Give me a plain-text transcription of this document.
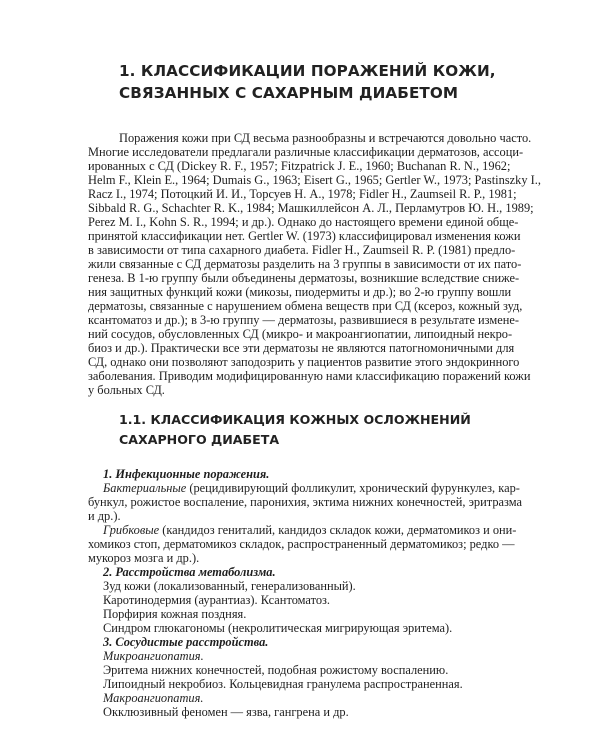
1. КЛАССИФИКАЦИИ ПОРАЖЕНИЙ КОЖИ,
СВЯЗАННЫХ С САХАРНЫМ ДИАБЕТОМ

Поражения кожи при СД весьма разнообразны и встречаются довольно часто.

Многие исследователи предлагали различные классификации дерматозов, ассоци-

ированных с СД (Dickey R. F., 1957; Fitzpatrick J. E., 1960; Buchanan R. N., 1962;

Helm F., Klein E., 1964; Dumais G., 1963; Eisert G., 1965; Gertler W., 1973; Pastinszky I.,

Racz I., 1974; Потоцкий И. И., Торсуев Н. А., 1978; Fidler H., Zaumseil R. P., 1981;

Sibbald R. G., Schachter R. K., 1984; Машкиллейсон А. Л., Перламутров Ю. Н., 1989;

Perez M. I., Kohn S. R., 1994; и др.). Однако до настоящего времени единой обще-

принятой классификации нет. Gertler W. (1973) классифицировал изменения кожи

в зависимости от типа сахарного диабета. Fidler H., Zaumseil R. P. (1981) предло-

жили связанные с СД дерматозы разделить на 3 группы в зависимости от их пато-

генеза. В 1-ю группу были объединены дерматозы, возникшие вследствие сниже-

ния защитных функций кожи (микозы, пиодермиты и др.); во 2-ю группу вошли

дерматозы, связанные с нарушением обмена веществ при СД (ксероз, кожный зуд,

ксантоматоз и др.); в 3-ю группу — дерматозы, развившиеся в результате измене-

ний сосудов, обусловленных СД (микро- и макроангиопатии, липоидный некро-

биоз и др.). Практически все эти дерматозы не являются патогномоничными для

СД, однако они позволяют заподозрить у пациентов развитие этого эндокринного

заболевания. Приводим модифицированную нами классификацию поражений кожи

у больных СД.

1.1. КЛАССИФИКАЦИЯ КОЖНЫХ ОСЛОЖНЕНИЙ
САХАРНОГО ДИАБЕТА

1. Инфекционные поражения.

Бактериальные (рецидивирующий фолликулит, хронический фурункулез, кар-

бункул, рожистое воспаление, паронихия, эктима нижних конечностей, эритразма

и др.).

Грибковые (кандидоз гениталий, кандидоз складок кожи, дерматомикоз и они-

хомикоз стоп, дерматомикоз складок, распространенный дерматомикоз; редко —

мукороз мозга и др.).

2. Расстройства метаболизма.

Зуд кожи (локализованный, генерализованный).

Каротинодермия (аурантиаз). Ксантоматоз.

Порфирия кожная поздняя.

Синдром глюкагономы (некролитическая мигрирующая эритема).

3. Сосудистые расстройства.

Микроангиопатия.

Эритема нижних конечностей, подобная рожистому воспалению.

Липоидный некробиоз. Кольцевидная гранулема распространенная.

Макроангиопатия.

Окклюзивный феномен — язва, гангрена и др.
